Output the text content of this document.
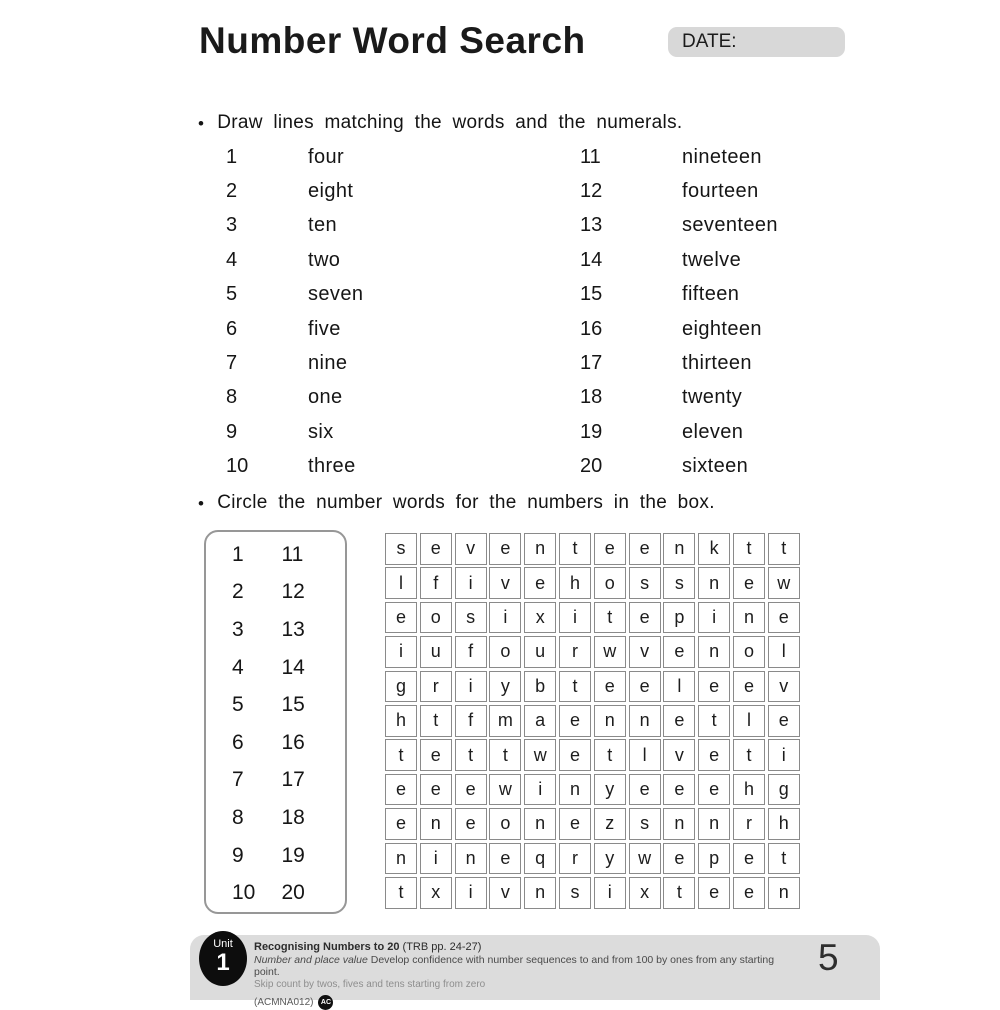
Number Word Search	DATE:
• Draw lines matching the words and the numerals.
1	four
2	eight
3	ten
4	two
5	seven
6	five
7	nine
8	one
9	six
10	three
11	nineteen
12	fourteen
13	seventeen
14	twelve
15	fifteen
16	eighteen
17	thirteen
18	twenty
19	eleven
20	sixteen
• Circle the number words for the numbers in the box.
1	11
2	12
3	13
4	14
5	15
6	16
7	17
8	18
9	19
10	20
s	e	v	e	n	t	e	e	n	k	t	t
l	f	i	v	e	h	o	s	s	n	e	w
e	o	s	i	x	i	t	e	p	i	n	e
i	u	f	o	u	r	w	v	e	n	o	l
g	r	i	y	b	t	e	e	l	e	e	v
h	t	f	m	a	e	n	n	e	t	l	e
t	e	t	t	w	e	t	l	v	e	t	i
e	e	e	w	i	n	y	e	e	e	h	g
e	n	e	o	n	e	z	s	n	n	r	h
n	i	n	e	q	r	y	w	e	p	e	t
t	x	i	v	n	s	i	x	t	e	e	n
Unit
1
Recognising Numbers to 20 (TRB pp. 24-27)
Number and place value Develop confidence with number sequences to and from 100 by ones from any starting point.
Skip count by twos, fives and tens starting from zero
(ACMNA012)	AC
5
